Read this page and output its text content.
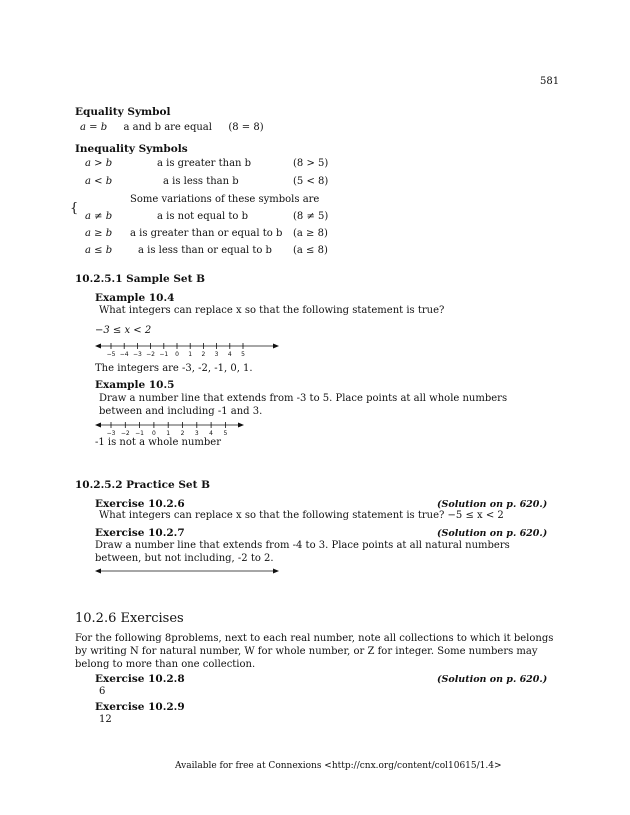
581
Equality Symbol
a = b a and b are equal (8 = 8)
Inequality Symbols
{
a > b	a is greater than b	(8 > 5)
a < b	a is less than b	(5 < 8)
Some variations of these symbols are
a ≠ b	a is not equal to b	(8 ≠ 5)
a ≥ b a is greater than or equal to b (a ≥ 8)
a ≤ b	a is less than or equal to b (a ≤ 8)
10.2.5.1 Sample Set B
Example 10.4
What integers can replace x so that the following statement is true?
−3 ≤ x < 2
−5 −4 −3 −2 −1 0 1 2 3 4 5
The integers are -3, -2, -1, 0, 1.
Example 10.5
Draw a number line that extends from -3 to 5. Place points at all whole numbers between and including -1 and 3.
−3 −2 −1 0 1 2 3 4 5
-1 is not a whole number
10.2.5.2 Practice Set B
Exercise 10.2.6	(Solution on p. 620.)
What integers can replace x so that the following statement is true? −5 ≤ x < 2
Exercise 10.2.7	(Solution on p. 620.)
Draw a number line that extends from -4 to 3. Place points at all natural numbers between, but not including, -2 to 2.
10.2.6 Exercises
For the following 8problems, next to each real number, note all collections to which it belongs by writing N for natural number, W for whole number, or Z for integer. Some numbers may belong to more than one collection.
Exercise 10.2.8	(Solution on p. 620.)
6
Exercise 10.2.9
12
Available for free at Connexions <http://cnx.org/content/col10615/1.4>
